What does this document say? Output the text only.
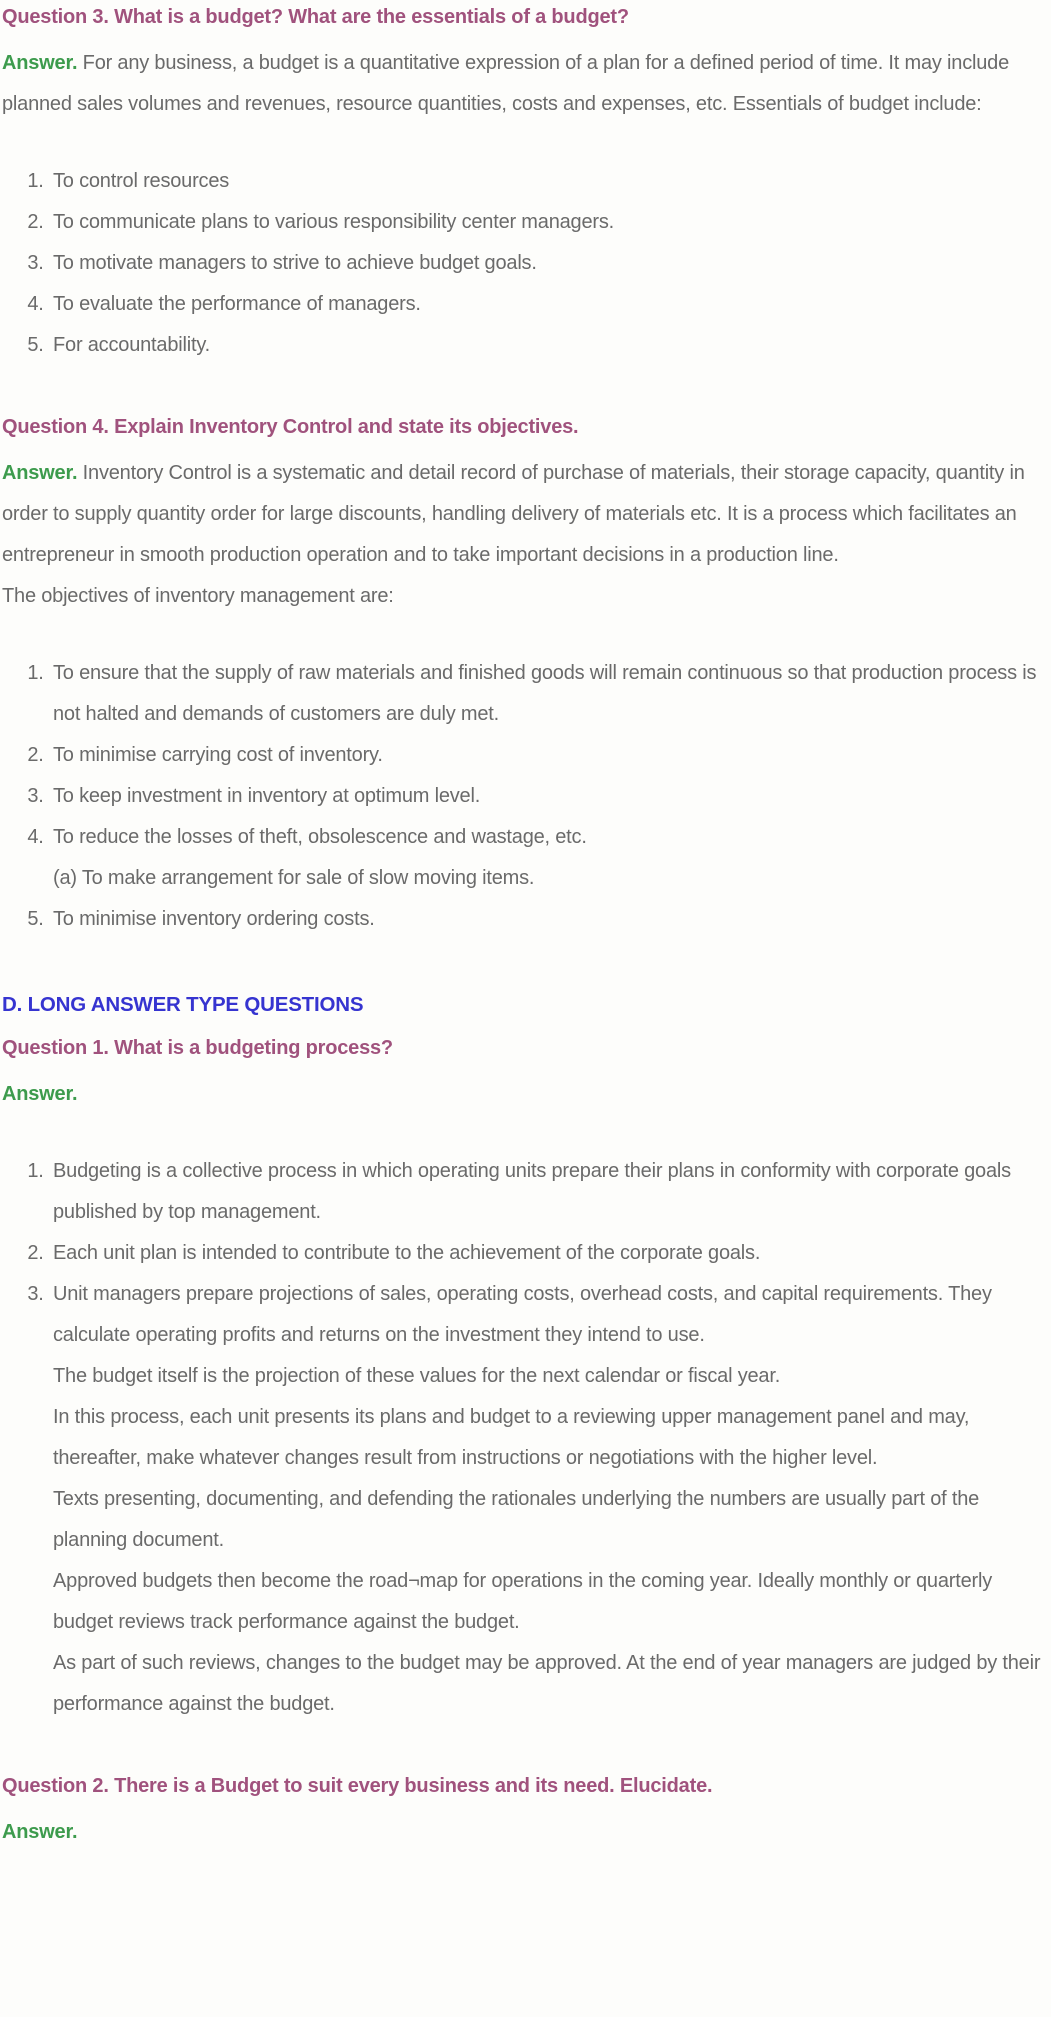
Question 3. What is a budget? What are the essentials of a budget?

Answer. For any business, a budget is a quantitative expression of a plan for a defined period of time. It may include planned sales volumes and revenues, resource quantities, costs and expenses, etc. Essentials of budget include:

1. To control resources
2. To communicate plans to various responsibility center managers.
3. To motivate managers to strive to achieve budget goals.
4. To evaluate the performance of managers.
5. For accountability.
Question 4. Explain Inventory Control and state its objectives.

Answer. Inventory Control is a systematic and detail record of purchase of materials, their storage capacity, quantity in order to supply quantity order for large discounts, handling delivery of materials etc. It is a process which facilitates an entrepreneur in smooth production operation and to take important decisions in a production line.

The objectives of inventory management are:

1. To ensure that the supply of raw materials and finished goods will remain continuous so that production process is not halted and demands of customers are duly met.
2. To minimise carrying cost of inventory.
3. To keep investment in inventory at optimum level.
4. To reduce the losses of theft, obsolescence and wastage, etc.
(a) To make arrangement for sale of slow moving items.
5. To minimise inventory ordering costs.
D. LONG ANSWER TYPE QUESTIONS
Question 1. What is a budgeting process?

Answer.

1. Budgeting is a collective process in which operating units prepare their plans in conformity with corporate goals published by top management.
2. Each unit plan is intended to contribute to the achievement of the corporate goals.
3. Unit managers prepare projections of sales, operating costs, overhead costs, and capital requirements. They calculate operating profits and returns on the investment they intend to use.
The budget itself is the projection of these values for the next calendar or fiscal year.
In this process, each unit presents its plans and budget to a reviewing upper management panel and may, thereafter, make whatever changes result from instructions or negotiations with the higher level.
Texts presenting, documenting, and defending the rationales underlying the numbers are usually part of the planning document.
Approved budgets then become the road¬map for operations in the coming year. Ideally monthly or quarterly budget reviews track performance against the budget.
As part of such reviews, changes to the budget may be approved. At the end of year managers are judged by their performance against the budget.
Question 2. There is a Budget to suit every business and its need. Elucidate.

Answer.
